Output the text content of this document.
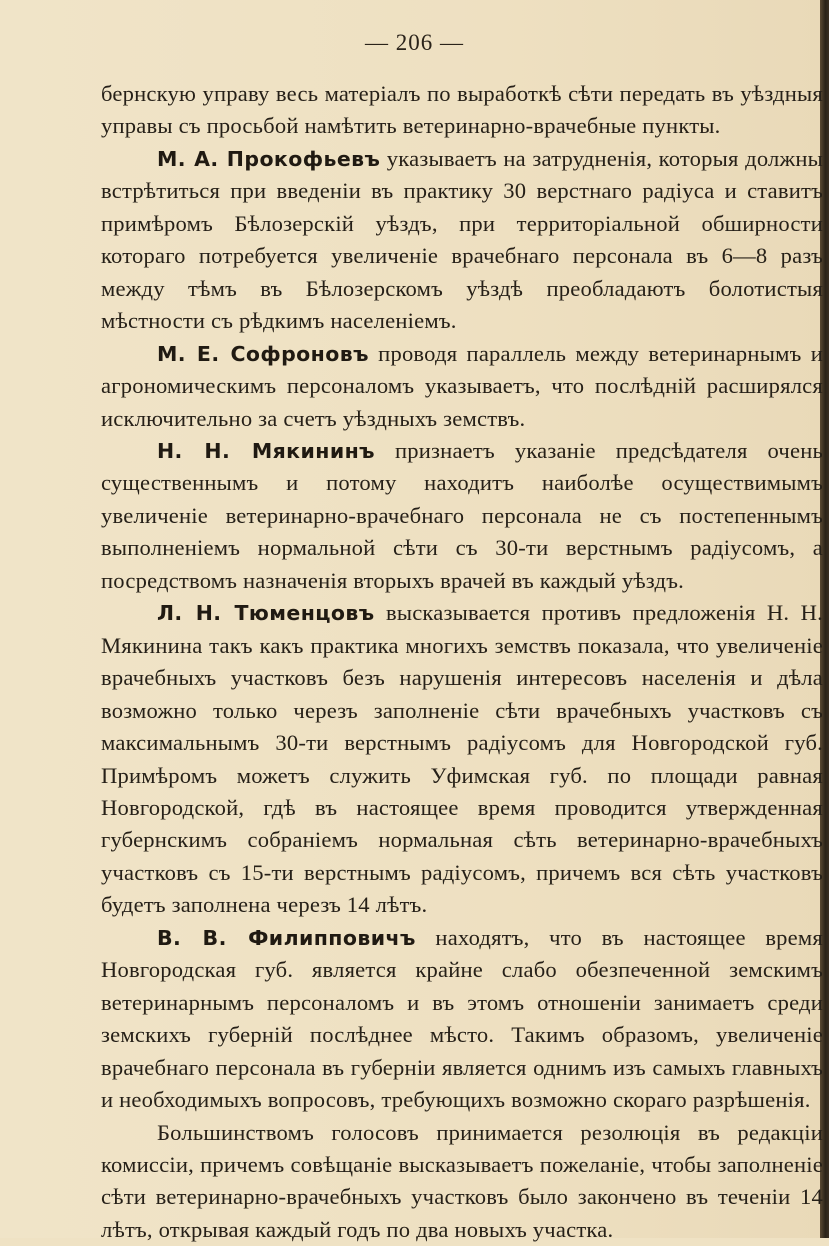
— 206 —

бернскую управу весь матеріалъ по выработкѣ сѣти передать въ уѣздныя управы съ просьбой намѣтить ветеринарно-врачебные пункты.

М. А. Прокофьевъ указываетъ на затрудненія, которыя должны встрѣтиться при введеніи въ практику 30 верстнаго радіуса и ставитъ примѣромъ Бѣлозерскій уѣздъ, при территоріальной обширности котораго потребуется увеличеніе врачебнаго персонала въ 6—8 разъ между тѣмъ въ Бѣлозерскомъ уѣздѣ преобладаютъ болотистыя мѣстности съ рѣдкимъ населеніемъ.

М. Е. Софроновъ проводя параллель между ветеринарнымъ и агрономическимъ персоналомъ указываетъ, что послѣдній расширялся исключительно за счетъ уѣздныхъ земствъ.

Н. Н. Мякининъ признаетъ указаніе предсѣдателя очень существеннымъ и потому находитъ наиболѣе осуществимымъ увеличеніе ветеринарно-врачебнаго персонала не съ постепеннымъ выполненіемъ нормальной сѣти съ 30-ти верстнымъ радіусомъ, а посредствомъ назначенія вторыхъ врачей въ каждый уѣздъ.

Л. Н. Тюменцовъ высказывается противъ предложенія Н. Н. Мякинина такъ какъ практика многихъ земствъ показала, что увеличеніе врачебныхъ участковъ безъ нарушенія интересовъ населенія и дѣла возможно только черезъ заполненіе сѣти врачебныхъ участковъ съ максимальнымъ 30-ти верстнымъ радіусомъ для Новгородской губ. Примѣромъ можетъ служить Уфимская губ. по площади равная Новгородской, гдѣ въ настоящее время проводится утвержденная губернскимъ собраніемъ нормальная сѣть ветеринарно-врачебныхъ участковъ съ 15-ти верстнымъ радіусомъ, причемъ вся сѣть участковъ будетъ заполнена черезъ 14 лѣтъ.

В. В. Филипповичъ находятъ, что въ настоящее время Новгородская губ. является крайне слабо обезпеченной земскимъ ветеринарнымъ персоналомъ и въ этомъ отношеніи занимаетъ среди земскихъ губерній послѣднее мѣсто. Такимъ образомъ, увеличеніе врачебнаго персонала въ губерніи является однимъ изъ самыхъ главныхъ и необходимыхъ вопросовъ, требующихъ возможно скораго разрѣшенія.

Большинствомъ голосовъ принимается резолюція въ редакціи комиссіи, причемъ совѣщаніе высказываетъ пожеланіе, чтобы заполненіе сѣти ветеринарно-врачебныхъ участковъ было закончено въ теченіи 14 лѣтъ, открывая каждый годъ по два новыхъ участка.
